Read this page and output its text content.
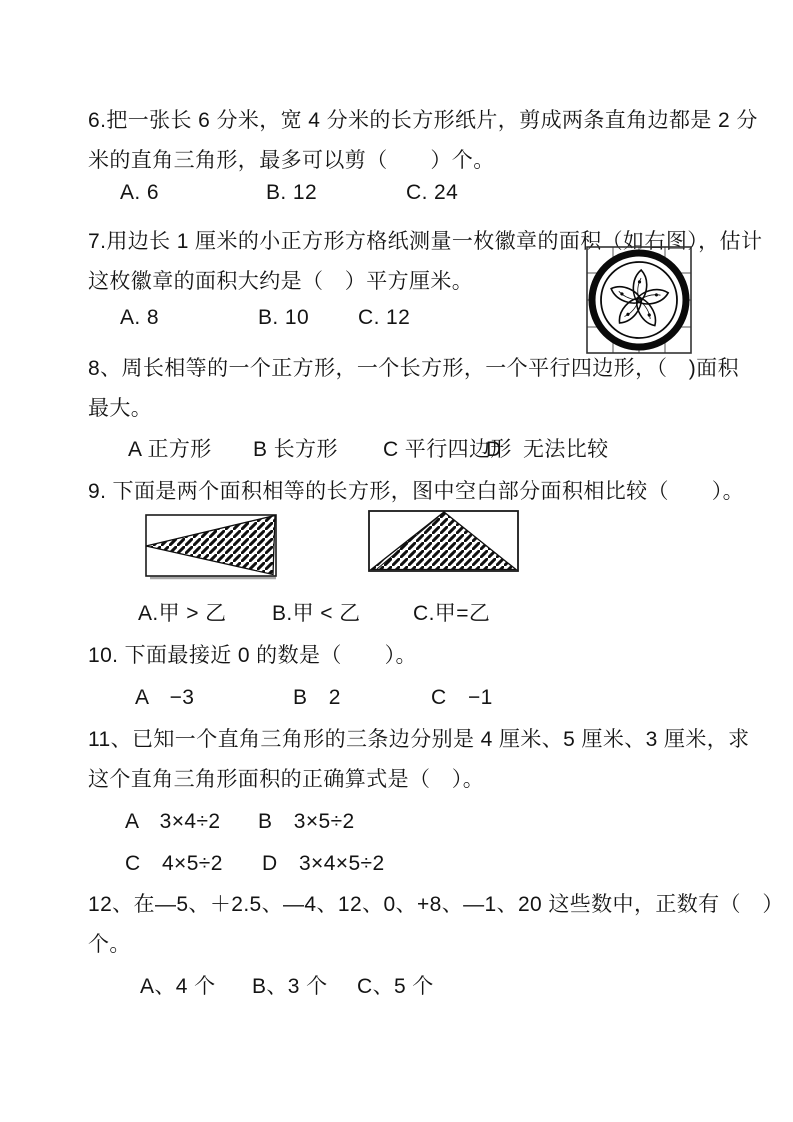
6.把一张长 6 分米，宽 4 分米的长方形纸片，剪成两条直角边都是 2 分
米的直角三角形，最多可以剪（　　）个。
A. 6	B. 12	C. 24
7.用边长 1 厘米的小正方形方格纸测量一枚徽章的面积（如右图），估计
这枚徽章的面积大约是（　）平方厘米。
A. 8	B. 10 C. 12
8、周长相等的一个正方形，一个长方形，一个平行四边形，（　)面积
最大。
A 正方形 B 长方形 C 平行四边形
D　无法比较
9. 下面是两个面积相等的长方形，图中空白部分面积相比较（　　）。
A.甲 > 乙 B.甲 < 乙 C.甲=乙
10. 下面最接近 0 的数是（　　）。
A　−3	B　2	C　−1
11、已知一个直角三角形的三条边分别是 4 厘米、5 厘米、3 厘米，求
这个直角三角形面积的正确算式是（　）。
A　3×4÷2 B　3×5÷2
C　4×5÷2 D　3×4×5÷2
12、在—5、＋2.5、—4、12、0、+8、—1、20 这些数中，正数有（　）
个。
A、4 个 B、3 个 C、5 个
